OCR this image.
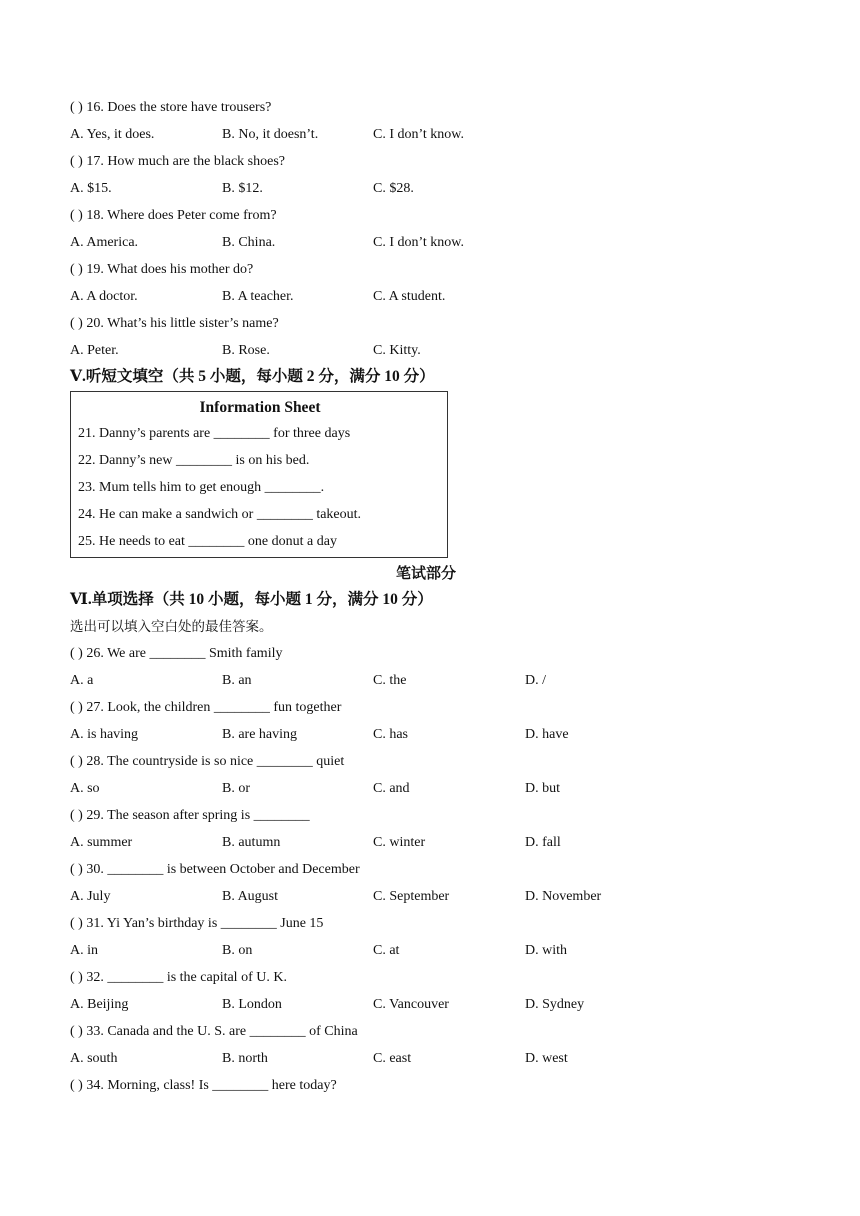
( ) 16. Does the store have trousers?
A. Yes, it does.	B. No, it doesn’t.	C. I don’t know.
( ) 17. How much are the black shoes?
A. $15.	B. $12.	C. $28.
( ) 18. Where does Peter come from?
A. America.	B. China.	C. I don’t know.
( ) 19. What does his mother do?
A. A doctor.	B. A teacher.	C. A student.
( ) 20. What’s his little sister’s name?
A. Peter.	B. Rose.	C. Kitty.
Ⅴ.听短文填空（共 5 小题，每小题 2 分，满分 10 分）
Information Sheet
21. Danny’s parents are ________ for three days
22. Danny’s new ________ is on his bed.
23. Mum tells him to get enough ________.
24. He can make a sandwich or ________ takeout.
25. He needs to eat ________ one donut a day
笔试部分
Ⅵ.单项选择（共 10 小题，每小题 1 分，满分 10 分）
选出可以填入空白处的最佳答案。
( ) 26. We are ________ Smith family
A. a	B. an	C. the	D. /
( ) 27. Look, the children ________ fun together
A. is having	B. are having	C. has	D. have
( ) 28. The countryside is so nice ________ quiet
A. so	B. or	C. and	D. but
( ) 29. The season after spring is ________
A. summer	B. autumn	C. winter	D. fall
( ) 30. ________ is between October and December
A. July	B. August	C. September	D. November
( ) 31. Yi Yan’s birthday is ________ June 15
A. in	B. on	C. at	D. with
( ) 32. ________ is the capital of U. K.
A. Beijing	B. London	C. Vancouver	D. Sydney
( ) 33. Canada and the U. S. are ________ of China
A. south	B. north	C. east	D. west
( ) 34. Morning, class! Is ________ here today?
